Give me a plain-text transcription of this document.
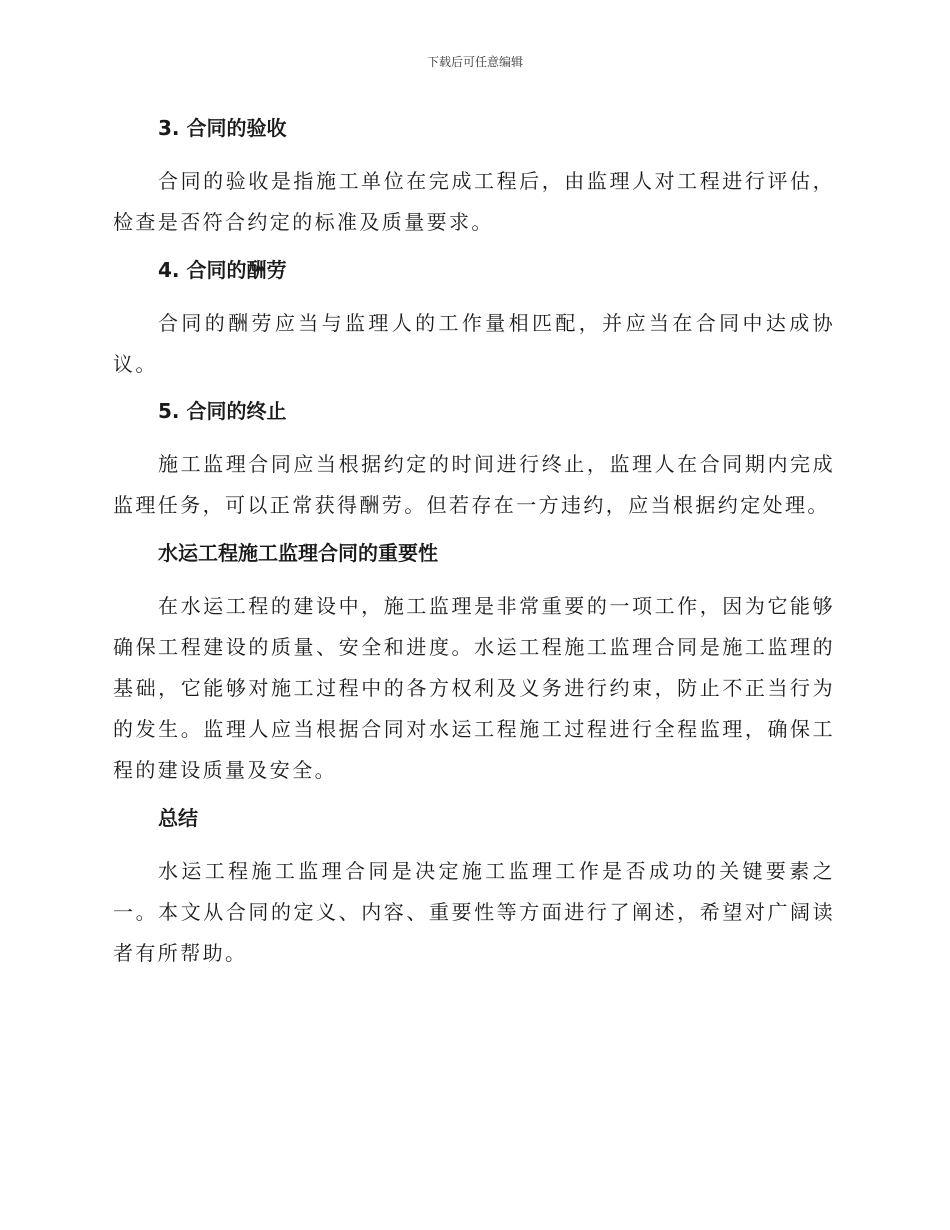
下载后可任意编辑
3. 合同的验收

合同的验收是指施工单位在完成工程后，由监理人对工程进行评估，检查是否符合约定的标准及质量要求。

4. 合同的酬劳

合同的酬劳应当与监理人的工作量相匹配，并应当在合同中达成协议。

5. 合同的终止

施工监理合同应当根据约定的时间进行终止，监理人在合同期内完成监理任务，可以正常获得酬劳。但若存在一方违约，应当根据约定处理。

水运工程施工监理合同的重要性

在水运工程的建设中，施工监理是非常重要的一项工作，因为它能够确保工程建设的质量、安全和进度。水运工程施工监理合同是施工监理的基础，它能够对施工过程中的各方权利及义务进行约束，防止不正当行为的发生。监理人应当根据合同对水运工程施工过程进行全程监理，确保工程的建设质量及安全。

总结

水运工程施工监理合同是决定施工监理工作是否成功的关键要素之一。本文从合同的定义、内容、重要性等方面进行了阐述，希望对广阔读者有所帮助。
